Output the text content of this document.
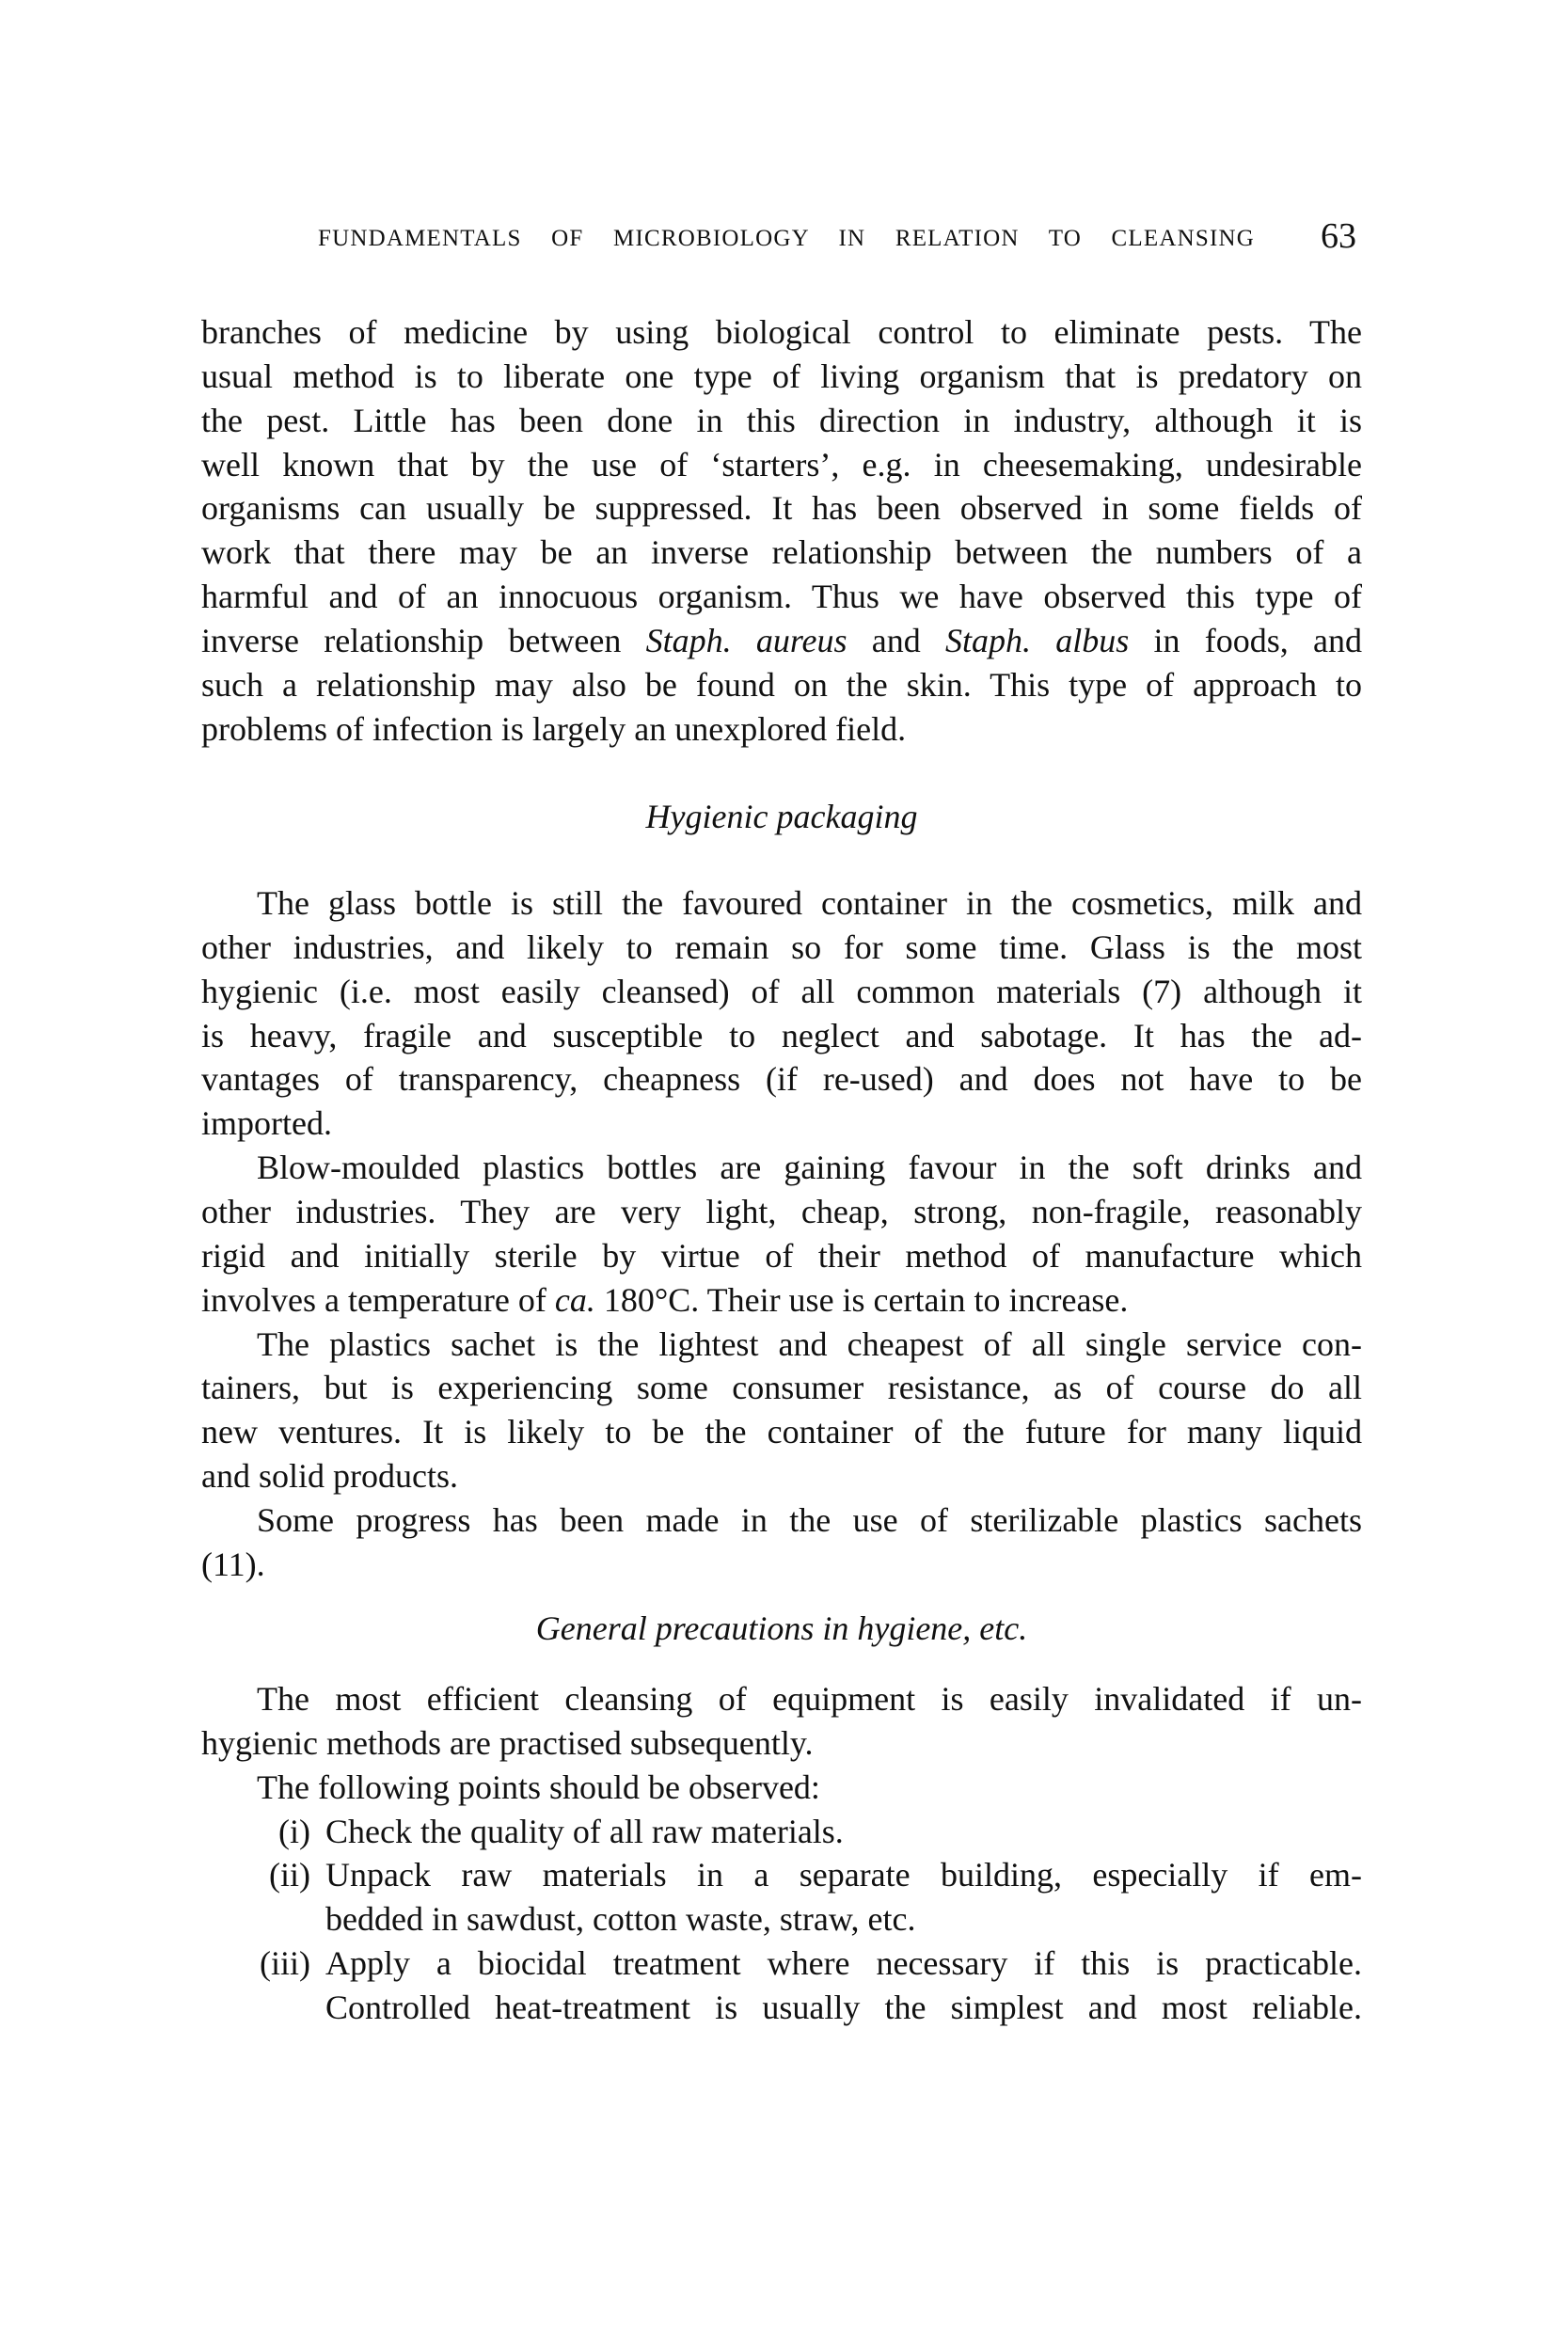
FUNDAMENTALS OF MICROBIOLOGY IN RELATION TO CLEANSING 63
branches of medicine by using biological control to eliminate pests. The
usual method is to liberate one type of living organism that is predatory on
the pest. Little has been done in this direction in industry, although it is
well known that by the use of ‘starters’, e.g. in cheesemaking, undesirable
organisms can usually be suppressed. It has been observed in some fields of
work that there may be an inverse relationship between the numbers of a
harmful and of an innocuous organism. Thus we have observed this type of
inverse relationship between Staph. aureus and Staph. albus in foods, and
such a relationship may also be found on the skin. This type of approach to
problems of infection is largely an unexplored field.
Hygienic packaging
The glass bottle is still the favoured container in the cosmetics, milk and
other industries, and likely to remain so for some time. Glass is the most
hygienic (i.e. most easily cleansed) of all common materials (7) although it
is heavy, fragile and susceptible to neglect and sabotage. It has the ad-
vantages of transparency, cheapness (if re-used) and does not have to be
imported.
Blow-moulded plastics bottles are gaining favour in the soft drinks and
other industries. They are very light, cheap, strong, non-fragile, reasonably
rigid and initially sterile by virtue of their method of manufacture which
involves a temperature of ca. 180°C. Their use is certain to increase.
The plastics sachet is the lightest and cheapest of all single service con-
tainers, but is experiencing some consumer resistance, as of course do all
new ventures. It is likely to be the container of the future for many liquid
and solid products.
Some progress has been made in the use of sterilizable plastics sachets
(11).
General precautions in hygiene, etc.
The most efficient cleansing of equipment is easily invalidated if un-
hygienic methods are practised subsequently.
The following points should be observed:
(i) Check the quality of all raw materials.
(ii) Unpack raw materials in a separate building, especially if em-
bedded in sawdust, cotton waste, straw, etc.
(iii) Apply a biocidal treatment where necessary if this is practicable.
Controlled heat-treatment is usually the simplest and most reliable.
